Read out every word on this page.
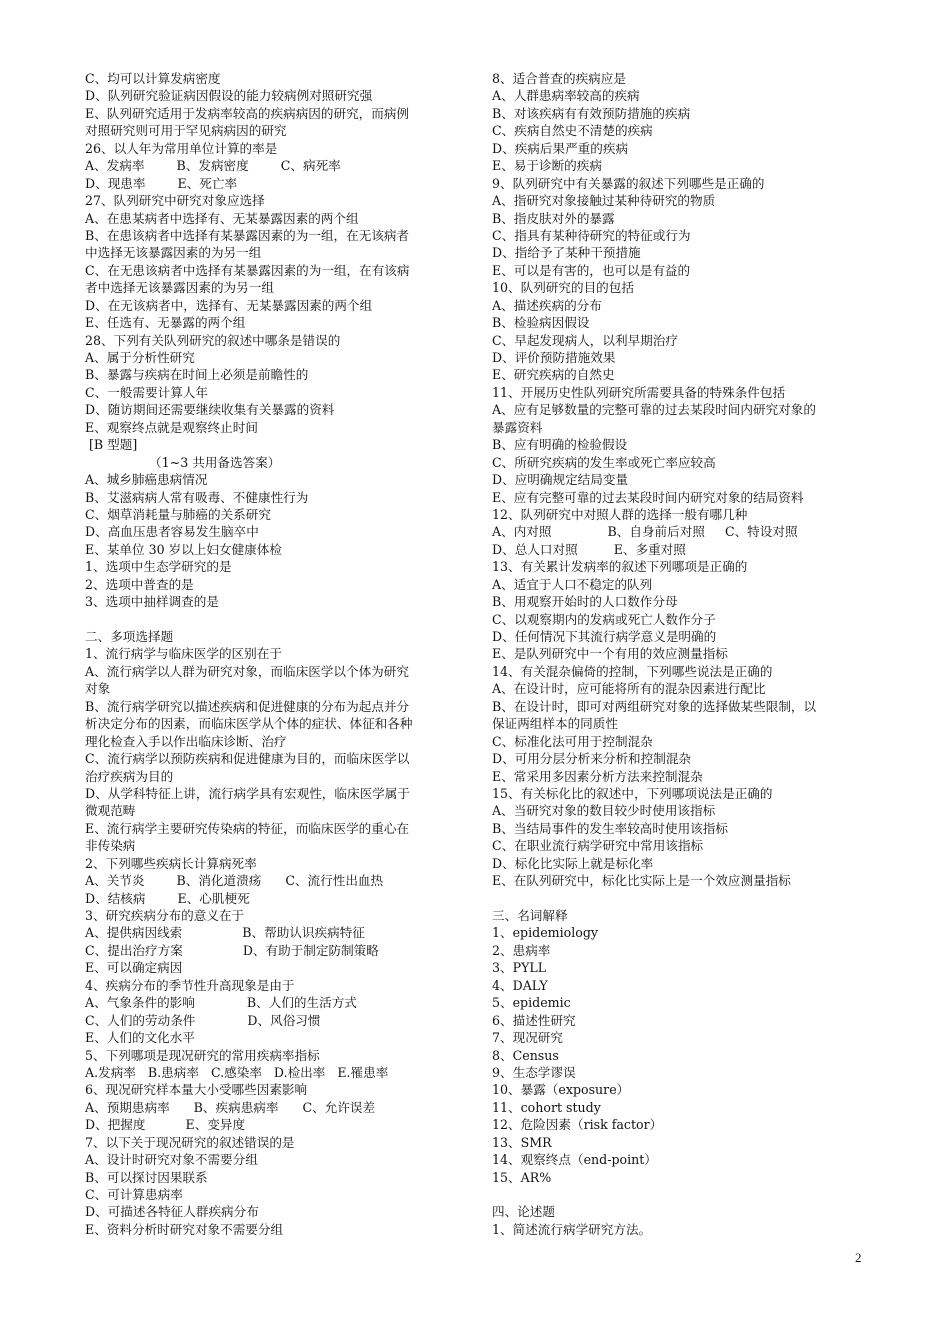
C、均可以计算发病密度
D、队列研究验证病因假设的能力较病例对照研究强
E、队列研究适用于发病率较高的疾病病因的研究，而病例
对照研究则可用于罕见病病因的研究
26、以人年为常用单位计算的率是
A、发病率        B、发病密度        C、病死率
D、现患率        E、死亡率
27、队列研究中研究对象应选择
A、在患某病者中选择有、无某暴露因素的两个组
B、在患该病者中选择有某暴露因素的为一组，在无该病者
中选择无该暴露因素的为另一组
C、在无患该病者中选择有某暴露因素的为一组，在有该病
者中选择无该暴露因素的为另一组
D、在无该病者中，选择有、无某暴露因素的两个组
E、任选有、无暴露的两个组
28、下列有关队列研究的叙述中哪条是错误的
A、属于分析性研究
B、暴露与疾病在时间上必须是前瞻性的
C、一般需要计算人年
D、随访期间还需要继续收集有关暴露的资料
E、观察终点就是观察终止时间
[B 型题]
（1~3 共用备选答案）
A、城乡肺癌患病情况
B、艾滋病病人常有吸毒、不健康性行为
C、烟草消耗量与肺癌的关系研究
D、高血压患者容易发生脑卒中
E、某单位 30 岁以上妇女健康体检
1、选项中生态学研究的是
2、选项中普查的是
3、选项中抽样调查的是
二、多项选择题
1、流行病学与临床医学的区别在于
A、流行病学以人群为研究对象，而临床医学以个体为研究
对象
B、流行病学研究以描述疾病和促进健康的分布为起点并分
析决定分布的因素，而临床医学从个体的症状、体征和各种
理化检查入手以作出临床诊断、治疗
C、流行病学以预防疾病和促进健康为目的，而临床医学以
治疗疾病为目的
D、从学科特征上讲，流行病学具有宏观性，临床医学属于
微观范畴
E、流行病学主要研究传染病的特征，而临床医学的重心在
非传染病
2、下列哪些疾病长计算病死率
A、关节炎        B、消化道溃疡      C、流行性出血热
D、结核病        E、心肌梗死
3、研究疾病分布的意义在于
A、提供病因线索               B、帮助认识疾病特征
C、提出治疗方案               D、有助于制定防制策略
E、可以确定病因
4、疾病分布的季节性升高现象是由于
A、气象条件的影响             B、人们的生活方式
C、人们的劳动条件             D、风俗习惯
E、人们的文化水平
5、下列哪项是现况研究的常用疾病率指标
A.发病率   B.患病率   C.感染率   D.检出率   E.罹患率
6、现况研究样本量大小受哪些因素影响
A、预期患病率      B、疾病患病率      C、允许误差
D、把握度          E、变异度
7、以下关于现况研究的叙述错误的是
A、设计时研究对象不需要分组
B、可以探讨因果联系
C、可计算患病率
D、可描述各特征人群疾病分布
E、资料分析时研究对象不需要分组
8、适合普查的疾病应是
A、人群患病率较高的疾病
B、对该疾病有有效预防措施的疾病
C、疾病自然史不清楚的疾病
D、疾病后果严重的疾病
E、易于诊断的疾病
9、队列研究中有关暴露的叙述下列哪些是正确的
A、指研究对象接触过某种待研究的物质
B、指皮肤对外的暴露
C、指具有某种待研究的特征或行为
D、指给予了某种干预措施
E、可以是有害的，也可以是有益的
10、队列研究的目的包括
A、描述疾病的分布
B、检验病因假设
C、早起发现病人，以利早期治疗
D、评价预防措施效果
E、研究疾病的自然史
11、开展历史性队列研究所需要具备的特殊条件包括
A、应有足够数量的完整可靠的过去某段时间内研究对象的
暴露资料
B、应有明确的检验假设
C、所研究疾病的发生率或死亡率应较高
D、应明确规定结局变量
E、应有完整可靠的过去某段时间内研究对象的结局资料
12、队列研究中对照人群的选择一般有哪几种
A、内对照              B、自身前后对照     C、特设对照
D、总人口对照         E、多重对照
13、有关累计发病率的叙述下列哪项是正确的
A、适宜于人口不稳定的队列
B、用观察开始时的人口数作分母
C、以观察期内的发病或死亡人数作分子
D、任何情况下其流行病学意义是明确的
E、是队列研究中一个有用的效应测量指标
14、有关混杂偏倚的控制，下列哪些说法是正确的
A、在设计时，应可能将所有的混杂因素进行配比
B、在设计时，即可对两组研究对象的选择做某些限制，以
保证两组样本的同质性
C、标准化法可用于控制混杂
D、可用分层分析来分析和控制混杂
E、常采用多因素分析方法来控制混杂
15、有关标化比的叙述中，下列哪项说法是正确的
A、当研究对象的数目较少时使用该指标
B、当结局事件的发生率较高时使用该指标
C、在职业流行病学研究中常用该指标
D、标化比实际上就是标化率
E、在队列研究中，标化比实际上是一个效应测量指标
三、名词解释
1、epidemiology
2、患病率
3、PYLL
4、DALY
5、epidemic
6、描述性研究
7、现况研究
8、Census
9、生态学谬误
10、暴露（exposure）
11、cohort study
12、危险因素（risk factor）
13、SMR
14、观察终点（end-point）
15、AR%
四、论述题
1、简述流行病学研究方法。
2
